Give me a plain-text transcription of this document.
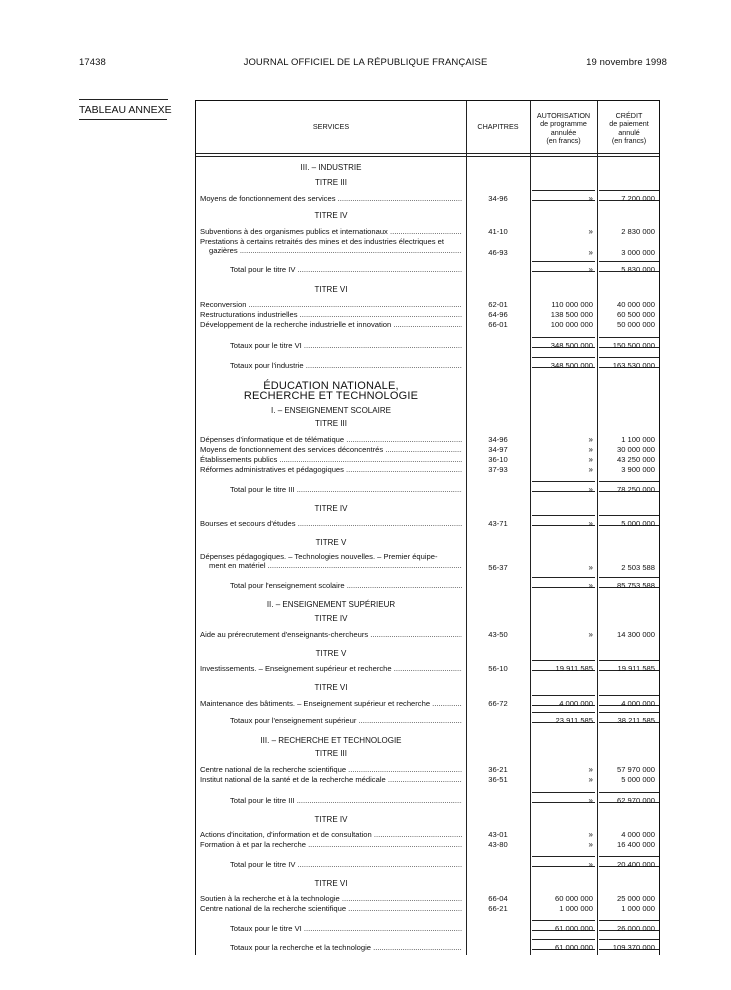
17438	JOURNAL OFFICIEL DE LA RÉPUBLIQUE FRANÇAISE	19 novembre 1998
TABLEAU ANNEXE
SERVICES	CHAPITRES
AUTORISATION
de programme
annulée
(en francs)
CRÉDIT
de paiement
annulé
(en francs)
III. – INDUSTRIE
TITRE III
Moyens de fonctionnement des services .....	34-96	»	7 200 000
TITRE IV
Subventions à des organismes publics et internationaux .....	41-10	»	2 830 000
Prestations à certains retraités des mines et des industries électriques et
gazières .....	46-93	»	3 000 000
Total pour le titre IV .....	»	5 830 000
TITRE VI
Reconversion .....	62-01	110 000 000	40 000 000
Restructurations industrielles .....	64-96	138 500 000	60 500 000
Développement de la recherche industrielle et innovation .....	66-01	100 000 000	50 000 000
Totaux pour le titre VI .....	348 500 000	150 500 000
Totaux pour l'industrie .....	348 500 000	163 530 000
ÉDUCATION NATIONALE,
RECHERCHE ET TECHNOLOGIE
I. – ENSEIGNEMENT SCOLAIRE
TITRE III
Dépenses d'informatique et de télématique .....	34-96	»	1 100 000
Moyens de fonctionnement des services déconcentrés .....	34-97	»	30 000 000
Établissements publics .....	36-10	»	43 250 000
Réformes administratives et pédagogiques .....	37-93	»	3 900 000
Total pour le titre III .....	»	78 250 000
TITRE IV
Bourses et secours d'études .....	43-71	»	5 000 000
TITRE V
Dépenses pédagogiques. – Technologies nouvelles. – Premier équipe-
ment en matériel .....	56-37	»	2 503 588
Total pour l'enseignement scolaire .....	»	85 753 588
II. – ENSEIGNEMENT SUPÉRIEUR
TITRE IV
Aide au prérecrutement d'enseignants-chercheurs .....	43-50	»	14 300 000
TITRE V
Investissements. – Enseignement supérieur et recherche .....	56-10	19 911 585	19 911 585
TITRE VI
Maintenance des bâtiments. – Enseignement supérieur et recherche .....	66-72	4 000 000	4 000 000
Totaux pour l'enseignement supérieur .....	23 911 585	38 211 585
III. – RECHERCHE ET TECHNOLOGIE
TITRE III
Centre national de la recherche scientifique .....	36-21	»	57 970 000
Institut national de la santé et de la recherche médicale .....	36-51	»	5 000 000
Total pour le titre III .....	»	62 970 000
TITRE IV
Actions d'incitation, d'information et de consultation .....	43-01	»	4 000 000
Formation à et par la recherche .....	43-80	»	16 400 000
Total pour le titre IV .....	»	20 400 000
TITRE VI
Soutien à la recherche et à la technologie .....	66-04	60 000 000	25 000 000
Centre national de la recherche scientifique .....	66-21	1 000 000	1 000 000
Totaux pour le titre VI .....	61 000 000	26 000 000
Totaux pour la recherche et la technologie .....	61 000 000	109 370 000
